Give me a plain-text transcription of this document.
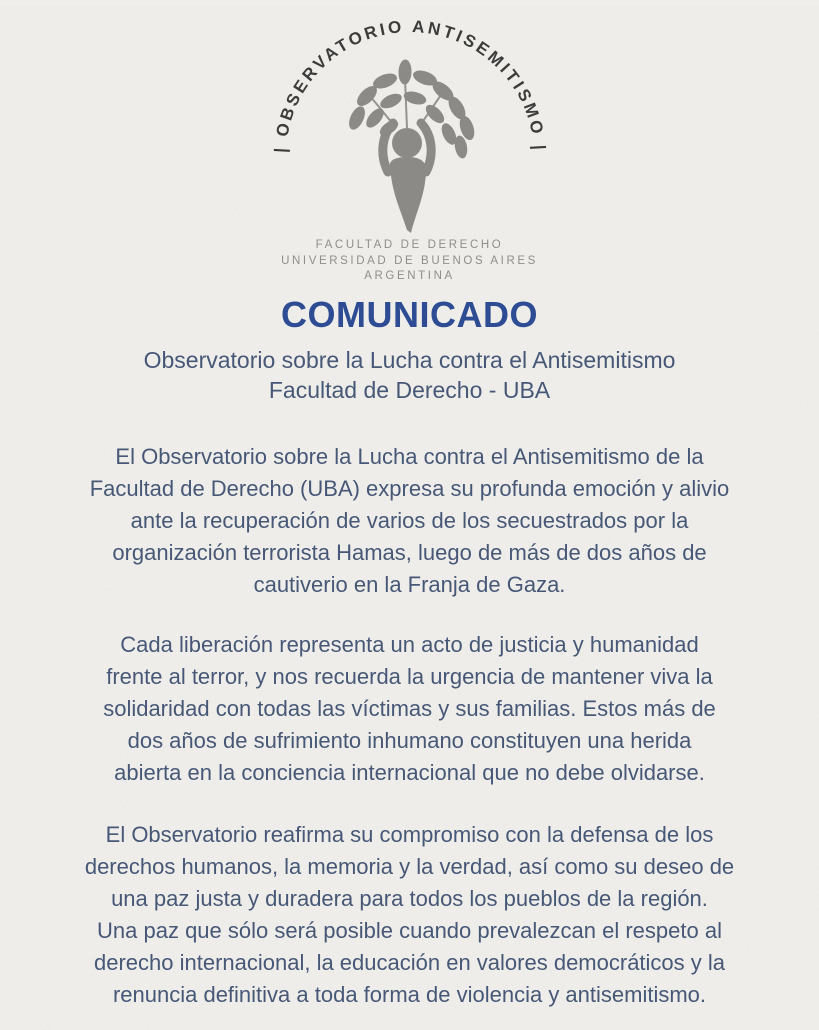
| OBSERVATORIO ANTISEMITISMO |
FACULTAD DE DERECHO
UNIVERSIDAD DE BUENOS AIRES
ARGENTINA
COMUNICADO
Observatorio sobre la Lucha contra el Antisemitismo
Facultad de Derecho - UBA
El Observatorio sobre la Lucha contra el Antisemitismo de la
Facultad de Derecho (UBA) expresa su profunda emoción y alivio
ante la recuperación de varios de los secuestrados por la
organización terrorista Hamas, luego de más de dos años de
cautiverio en la Franja de Gaza.
Cada liberación representa un acto de justicia y humanidad
frente al terror, y nos recuerda la urgencia de mantener viva la
solidaridad con todas las víctimas y sus familias. Estos más de
dos años de sufrimiento inhumano constituyen una herida
abierta en la conciencia internacional que no debe olvidarse.
El Observatorio reafirma su compromiso con la defensa de los
derechos humanos, la memoria y la verdad, así como su deseo de
una paz justa y duradera para todos los pueblos de la región.
Una paz que sólo será posible cuando prevalezcan el respeto al
derecho internacional, la educación en valores democráticos y la
renuncia definitiva a toda forma de violencia y antisemitismo.
